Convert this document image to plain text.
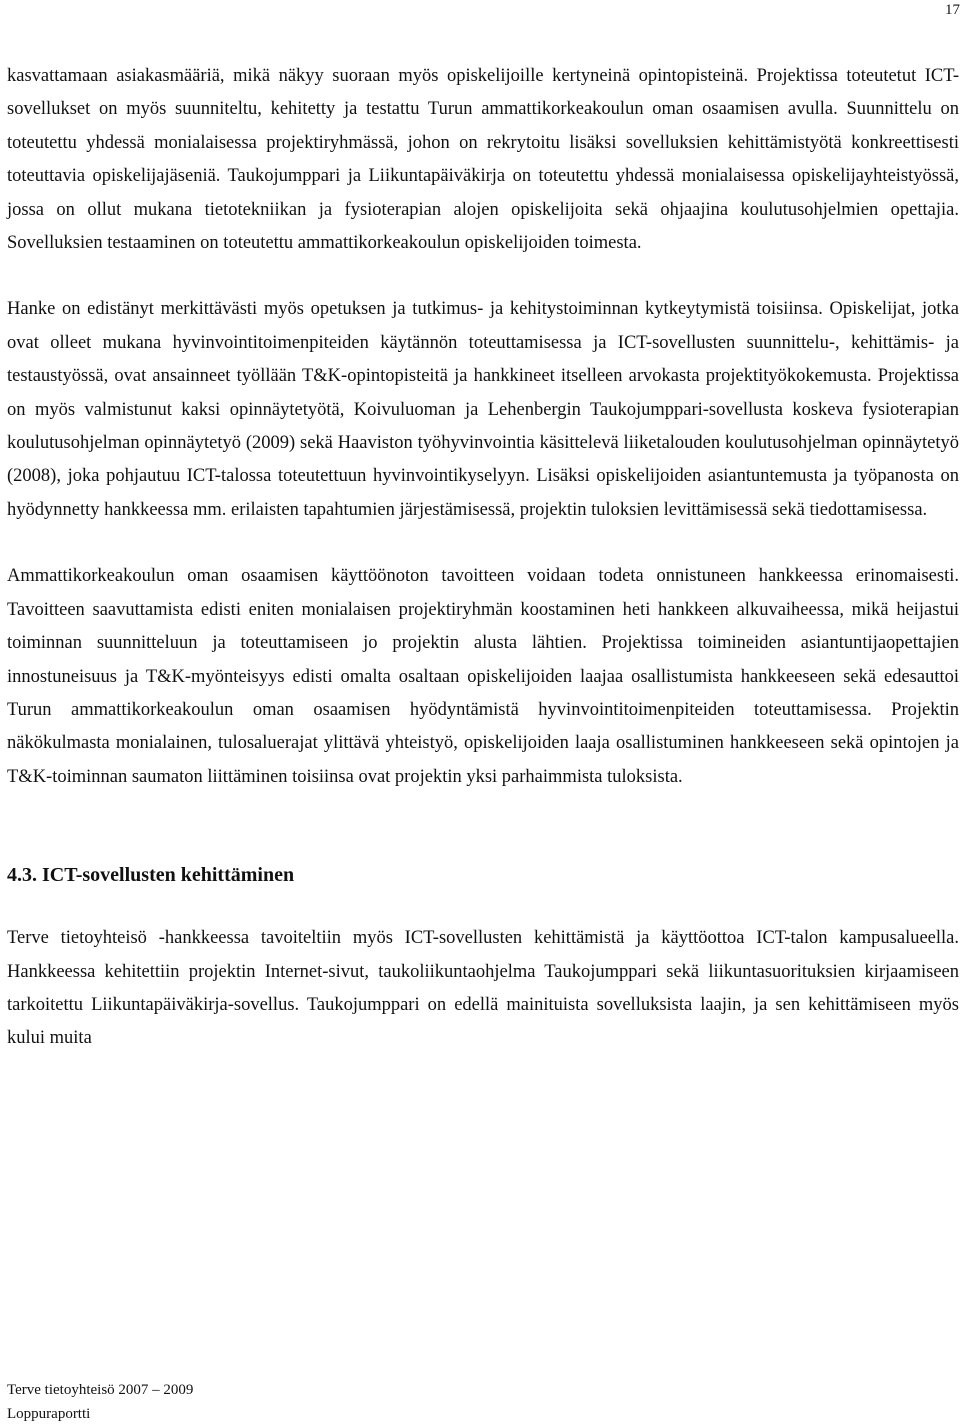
17

kasvattamaan asiakasmääriä, mikä näkyy suoraan myös opiskelijoille kertyneinä opintopisteinä. Projektissa toteutetut ICT-sovellukset on myös suunniteltu, kehitetty ja testattu Turun ammattikorkeakoulun oman osaamisen avulla. Suunnittelu on toteutettu yhdessä monialaisessa projektiryhmässä, johon on rekrytoitu lisäksi sovelluksien kehittämistyötä konkreettisesti toteuttavia opiskelijajäseniä. Taukojumppari ja Liikuntapäiväkirja on toteutettu yhdessä monialaisessa opiskelijayhteistyössä, jossa on ollut mukana tietotekniikan ja fysioterapian alojen opiskelijoita sekä ohjaajina koulutusohjelmien opettajia. Sovelluksien testaaminen on toteutettu ammattikorkeakoulun opiskelijoiden toimesta.

Hanke on edistänyt merkittävästi myös opetuksen ja tutkimus- ja kehitystoiminnan kytkeytymistä toisiinsa. Opiskelijat, jotka ovat olleet mukana hyvinvointitoimenpiteiden käytännön toteuttamisessa ja ICT-sovellusten suunnittelu-, kehittämis- ja testaustyössä, ovat ansainneet työllään T&K-opintopisteitä ja hankkineet itselleen arvokasta projektityökokemusta. Projektissa on myös valmistunut kaksi opinnäytetyötä, Koivuluoman ja Lehenbergin Taukojumppari-sovellusta koskeva fysioterapian koulutusohjelman opinnäytetyö (2009) sekä Haaviston työhyvinvointia käsittelevä liiketalouden koulutusohjelman opinnäytetyö (2008), joka pohjautuu ICT-talossa toteutettuun hyvinvointikyselyyn. Lisäksi opiskelijoiden asiantuntemusta ja työpanosta on hyödynnetty hankkeessa mm. erilaisten tapahtumien järjestämisessä, projektin tuloksien levittämisessä sekä tiedottamisessa.

Ammattikorkeakoulun oman osaamisen käyttöönoton tavoitteen voidaan todeta onnistuneen hankkeessa erinomaisesti. Tavoitteen saavuttamista edisti eniten monialaisen projektiryhmän koostaminen heti hankkeen alkuvaiheessa, mikä heijastui toiminnan suunnitteluun ja toteuttamiseen jo projektin alusta lähtien. Projektissa toimineiden asiantuntijaopettajien innostuneisuus ja T&K-myönteisyys edisti omalta osaltaan opiskelijoiden laajaa osallistumista hankkeeseen sekä edesauttoi Turun ammattikorkeakoulun oman osaamisen hyödyntämistä hyvinvointitoimenpiteiden toteuttamisessa. Projektin näkökulmasta monialainen, tulosaluerajat ylittävä yhteistyö, opiskelijoiden laaja osallistuminen hankkeeseen sekä opintojen ja T&K-toiminnan saumaton liittäminen toisiinsa ovat projektin yksi parhaimmista tuloksista.

4.3. ICT-sovellusten kehittäminen

Terve tietoyhteisö -hankkeessa tavoiteltiin myös ICT-sovellusten kehittämistä ja käyttöottoa ICT-talon kampusalueella. Hankkeessa kehitettiin projektin Internet-sivut, taukoliikuntaohjelma Taukojumppari sekä liikuntasuorituksien kirjaamiseen tarkoitettu Liikuntapäiväkirja-sovellus. Taukojumppari on edellä mainituista sovelluksista laajin, ja sen kehittämiseen myös kului muita

Terve tietoyhteisö 2007 – 2009
Loppuraportti
